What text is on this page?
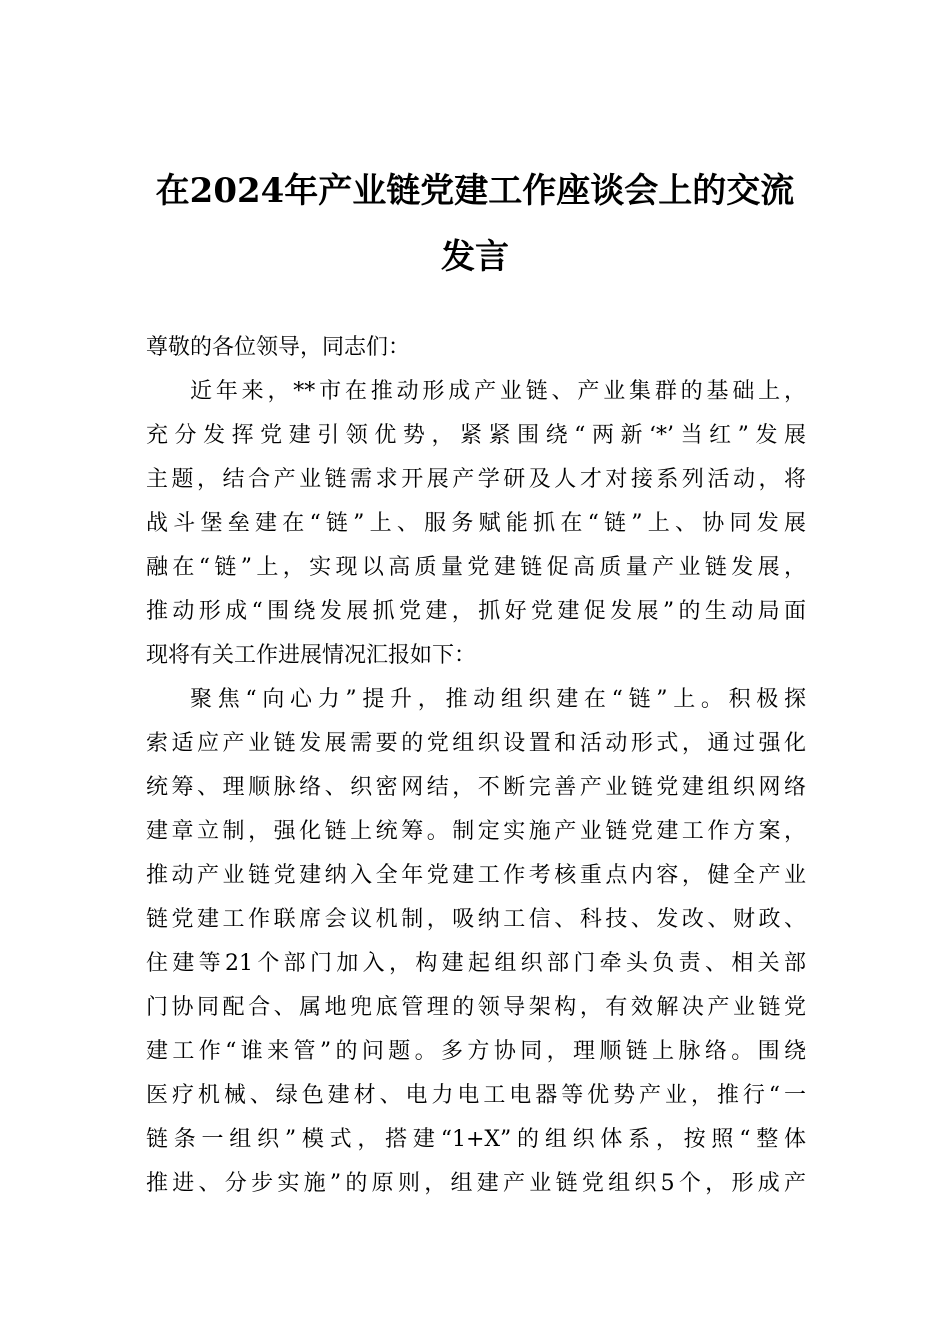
在2024年产业链党建工作座谈会上的交流
发言
尊敬的各位领导，同志们：
近年来，**市在推动形成产业链、产业集群的基础上，
充分发挥党建引领优势，紧紧围绕“两新‘*’当红”发展
主题，结合产业链需求开展产学研及人才对接系列活动，将
战斗堡垒建在“链”上、服务赋能抓在“链”上、协同发展
融在“链”上，实现以高质量党建链促高质量产业链发展，
推动形成“围绕发展抓党建，抓好党建促发展”的生动局面
现将有关工作进展情况汇报如下：
聚焦“向心力”提升，推动组织建在“链”上。积极探
索适应产业链发展需要的党组织设置和活动形式，通过强化
统筹、理顺脉络、织密网结，不断完善产业链党建组织网络
建章立制，强化链上统筹。制定实施产业链党建工作方案，
推动产业链党建纳入全年党建工作考核重点内容，健全产业
链党建工作联席会议机制，吸纳工信、科技、发改、财政、
住建等21个部门加入，构建起组织部门牵头负责、相关部
门协同配合、属地兜底管理的领导架构，有效解决产业链党
建工作“谁来管”的问题。多方协同，理顺链上脉络。围绕
医疗机械、绿色建材、电力电工电器等优势产业，推行“一
链条一组织”模式，搭建“1+X”的组织体系，按照“整体
推进、分步实施”的原则，组建产业链党组织5个，形成产
